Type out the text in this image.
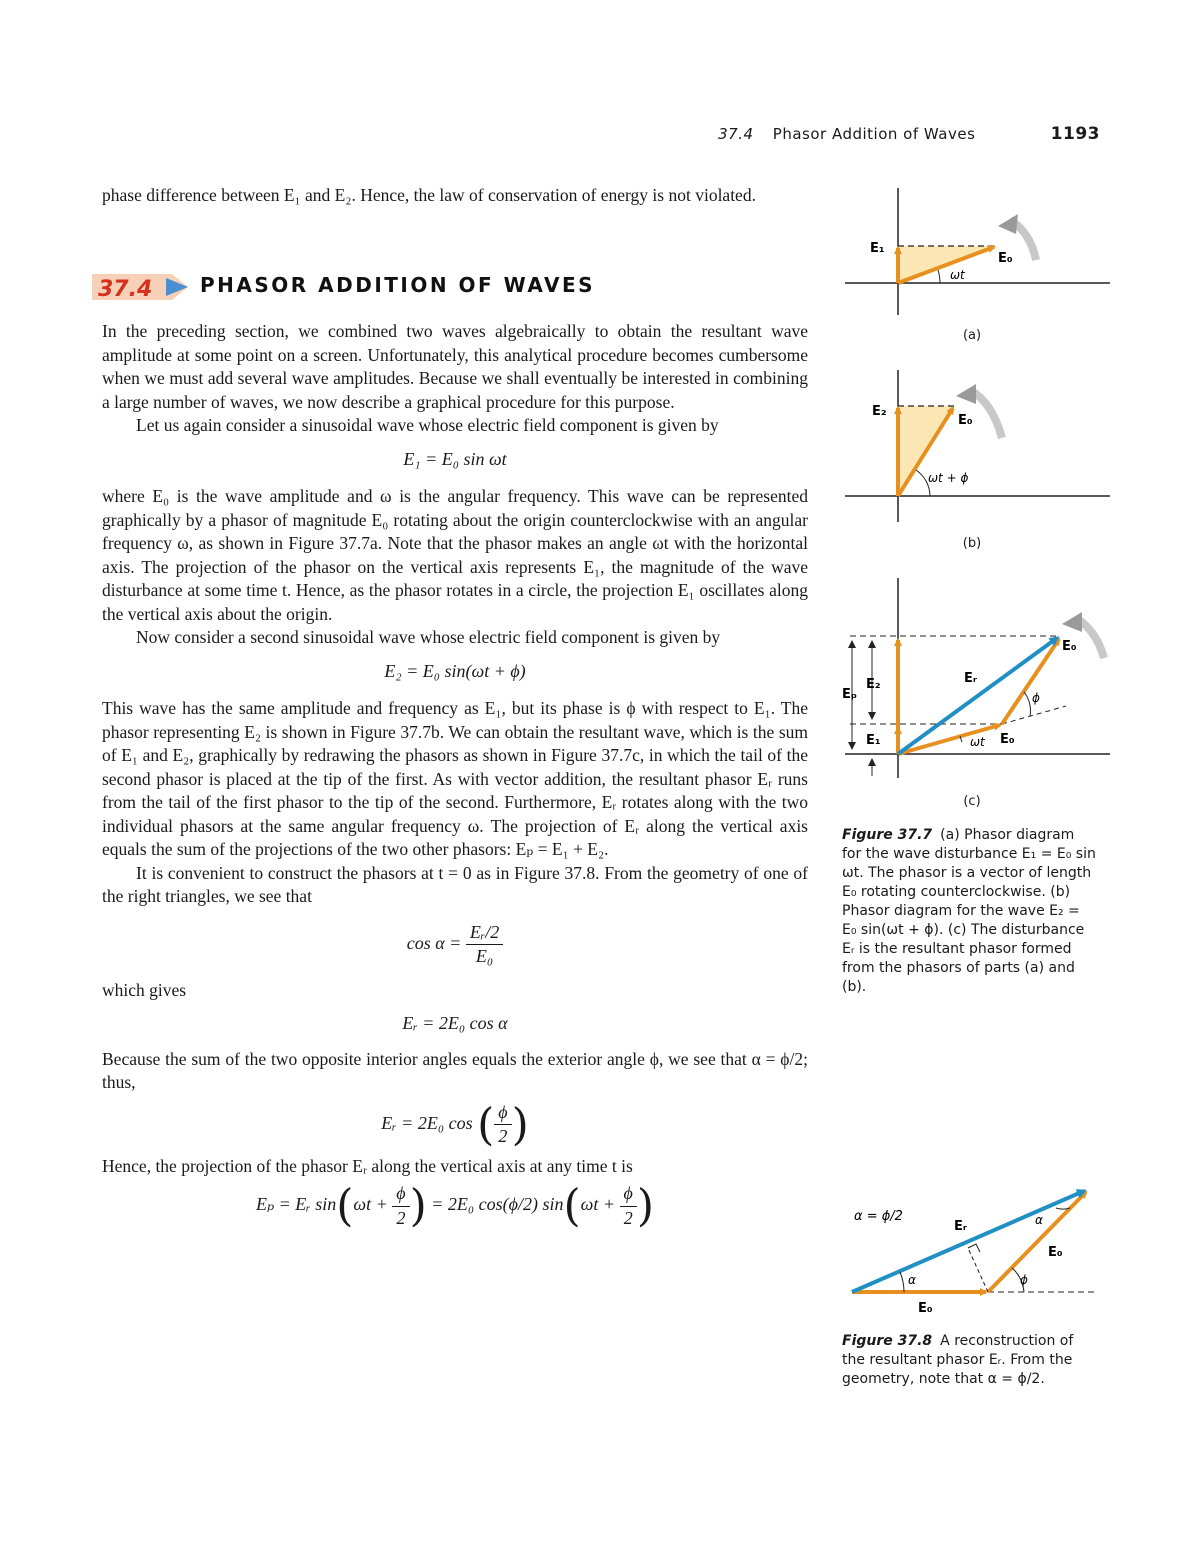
37.4 Phasor Addition of Waves	1193

phase difference between E₁ and E₂. Hence, the law of conservation of energy is not violated.

37.4 PHASOR ADDITION OF WAVES

In the preceding section, we combined two waves algebraically to obtain the resultant wave amplitude at some point on a screen. Unfortunately, this analytical procedure becomes cumbersome when we must add several wave amplitudes. Because we shall eventually be interested in combining a large number of waves, we now describe a graphical procedure for this purpose.

Let us again consider a sinusoidal wave whose electric field component is given by

E₁ = E₀ sin ωt

where E₀ is the wave amplitude and ω is the angular frequency. This wave can be represented graphically by a phasor of magnitude E₀ rotating about the origin counterclockwise with an angular frequency ω, as shown in Figure 37.7a. Note that the phasor makes an angle ωt with the horizontal axis. The projection of the phasor on the vertical axis represents E₁, the magnitude of the wave disturbance at some time t. Hence, as the phasor rotates in a circle, the projection E₁ oscillates along the vertical axis about the origin.

Now consider a second sinusoidal wave whose electric field component is given by

E₂ = E₀ sin(ωt + ϕ)

This wave has the same amplitude and frequency as E₁, but its phase is ϕ with respect to E₁. The phasor representing E₂ is shown in Figure 37.7b. We can obtain the resultant wave, which is the sum of E₁ and E₂, graphically by redrawing the phasors as shown in Figure 37.7c, in which the tail of the second phasor is placed at the tip of the first. As with vector addition, the resultant phasor Eᵣ runs from the tail of the first phasor to the tip of the second. Furthermore, Eᵣ rotates along with the two individual phasors at the same angular frequency ω. The projection of Eᵣ along the vertical axis equals the sum of the projections of the two other phasors: Eₚ = E₁ + E₂.

It is convenient to construct the phasors at t = 0 as in Figure 37.8. From the geometry of one of the right triangles, we see that

$\cos \alpha = \frac{\text{Eᵣ/2}}{\text{E₀}}$

which gives

Eᵣ = 2E₀ cos α

Because the sum of the two opposite interior angles equals the exterior angle ϕ, we see that α = ϕ/2; thus,

Eᵣ = 2E₀ cos ( $\frac{\phi}{2}$ )

Hence, the projection of the phasor Eᵣ along the vertical axis at any time t is

Eₚ = Eᵣ $\sin(\omega t + \frac{\phi}{2}$ ) = 2E₀ cos(ϕ/2) $\sin(\omega t + \frac{\phi}{2}$ )
E₁
E₀
ωt
E₂
E₀
ωt + ϕ
Eₚ
E₂
E₁
Eᵣ
E₀
E₀
ωt
ϕ
(a)
(b)
(c)
Figure 37.7 (a) Phasor diagram for the wave disturbance E₁ = E₀ sin ωt. The phasor is a vector of length E₀ rotating counterclockwise. (b) Phasor diagram for the wave E₂ = E₀ sin(ωt + ϕ). (c) The disturbance Eᵣ is the resultant phasor formed from the phasors of parts (a) and (b).
α = ϕ/2
Eᵣ
E₀
E₀
α
α
ϕ
Figure 37.8 A reconstruction of the resultant phasor Eᵣ. From the geometry, note that α = ϕ/2.
